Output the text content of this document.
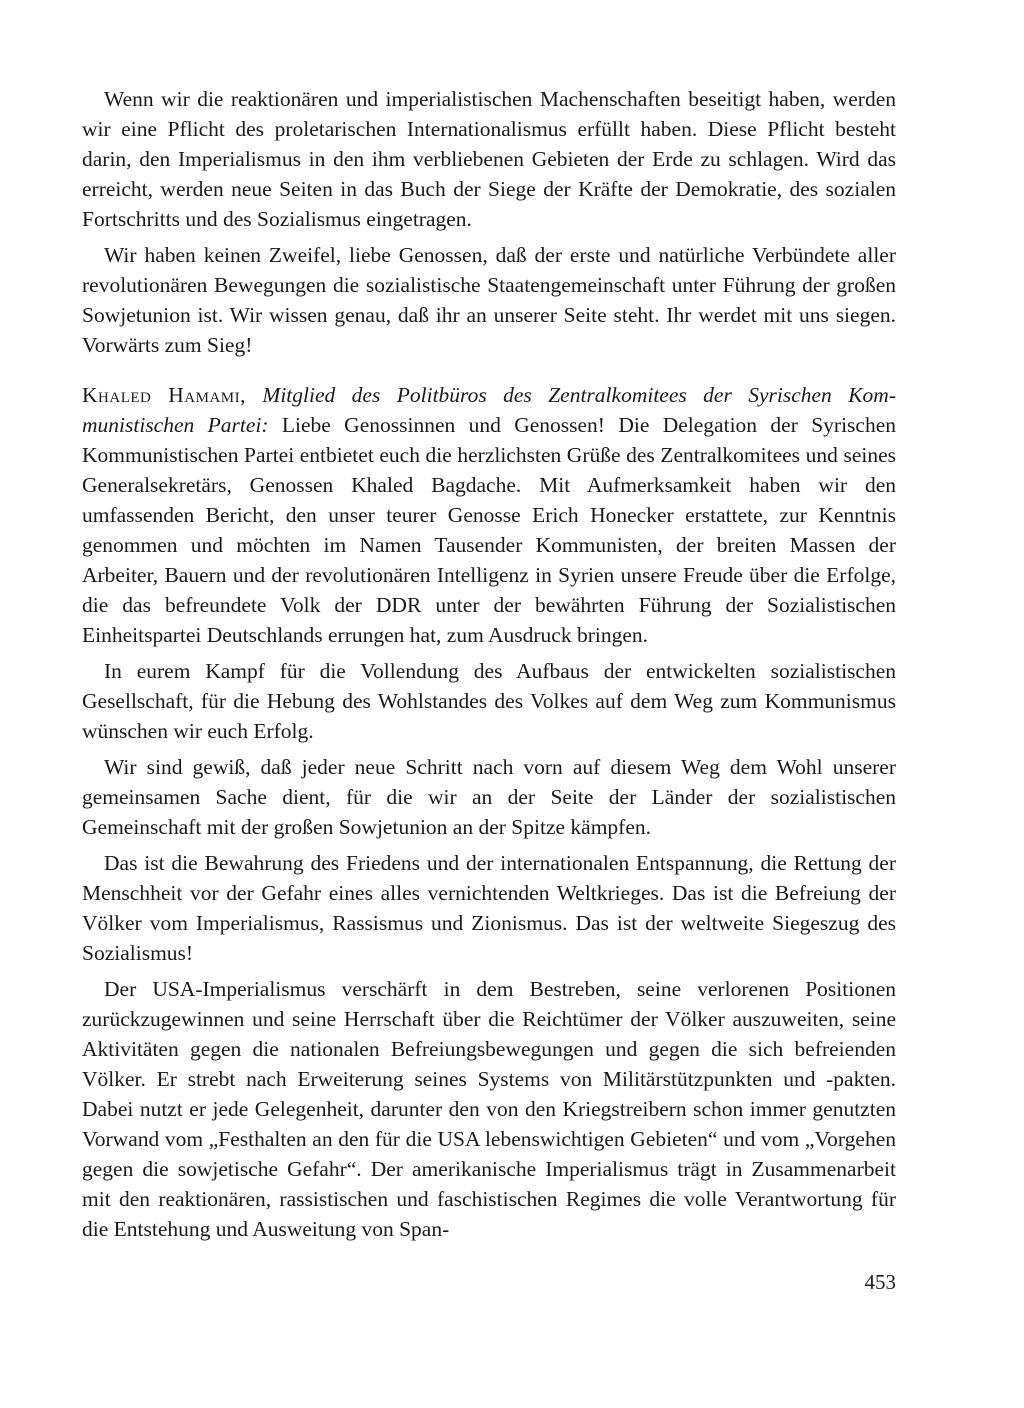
Wenn wir die reaktionären und imperialistischen Machenschaften beseitigt haben, werden wir eine Pflicht des proletarischen Internationalismus erfüllt haben. Diese Pflicht besteht darin, den Imperialismus in den ihm verbliebenen Gebieten der Erde zu schlagen. Wird das erreicht, werden neue Seiten in das Buch der Siege der Kräfte der Demokratie, des sozialen Fortschritts und des Sozialismus eingetragen.

Wir haben keinen Zweifel, liebe Genossen, daß der erste und natürliche Verbündete aller revolutionären Bewegungen die sozialistische Staatengemeinschaft unter Führung der großen Sowjetunion ist. Wir wissen genau, daß ihr an unserer Seite steht. Ihr werdet mit uns siegen. Vorwärts zum Sieg!

Khaled Hamami, Mitglied des Politbüros des Zentralkomitees der Syrischen Kommunistischen Partei: Liebe Genossinnen und Genossen! Die Delegation der Syrischen Kommunistischen Partei entbietet euch die herzlichsten Grüße des Zentralkomitees und seines Generalsekretärs, Genossen Khaled Bagdache. Mit Aufmerksamkeit haben wir den umfassenden Bericht, den unser teurer Genosse Erich Honecker erstattete, zur Kenntnis genommen und möchten im Namen Tausender Kommunisten, der breiten Massen der Arbeiter, Bauern und der revolutionären Intelligenz in Syrien unsere Freude über die Erfolge, die das befreundete Volk der DDR unter der bewährten Führung der Sozialistischen Einheitspartei Deutschlands errungen hat, zum Ausdruck bringen.

In eurem Kampf für die Vollendung des Aufbaus der entwickelten sozialistischen Gesellschaft, für die Hebung des Wohlstandes des Volkes auf dem Weg zum Kommunismus wünschen wir euch Erfolg.

Wir sind gewiß, daß jeder neue Schritt nach vorn auf diesem Weg dem Wohl unserer gemeinsamen Sache dient, für die wir an der Seite der Länder der sozialistischen Gemeinschaft mit der großen Sowjetunion an der Spitze kämpfen.

Das ist die Bewahrung des Friedens und der internationalen Entspannung, die Rettung der Menschheit vor der Gefahr eines alles vernichtenden Weltkrieges. Das ist die Befreiung der Völker vom Imperialismus, Rassismus und Zionismus. Das ist der weltweite Siegeszug des Sozialismus!

Der USA-Imperialismus verschärft in dem Bestreben, seine verlorenen Positionen zurückzugewinnen und seine Herrschaft über die Reichtümer der Völker auszuweiten, seine Aktivitäten gegen die nationalen Befreiungsbewegungen und gegen die sich befreienden Völker. Er strebt nach Erweiterung seines Systems von Militärstützpunkten und -pakten. Dabei nutzt er jede Gelegenheit, darunter den von den Kriegstreibern schon immer genutzten Vorwand vom „Festhalten an den für die USA lebenswichtigen Gebieten“ und vom „Vorgehen gegen die sowjetische Gefahr“. Der amerikanische Imperialismus trägt in Zusammenarbeit mit den reaktionären, rassistischen und faschistischen Regimes die volle Verantwortung für die Entstehung und Ausweitung von Span-

453
